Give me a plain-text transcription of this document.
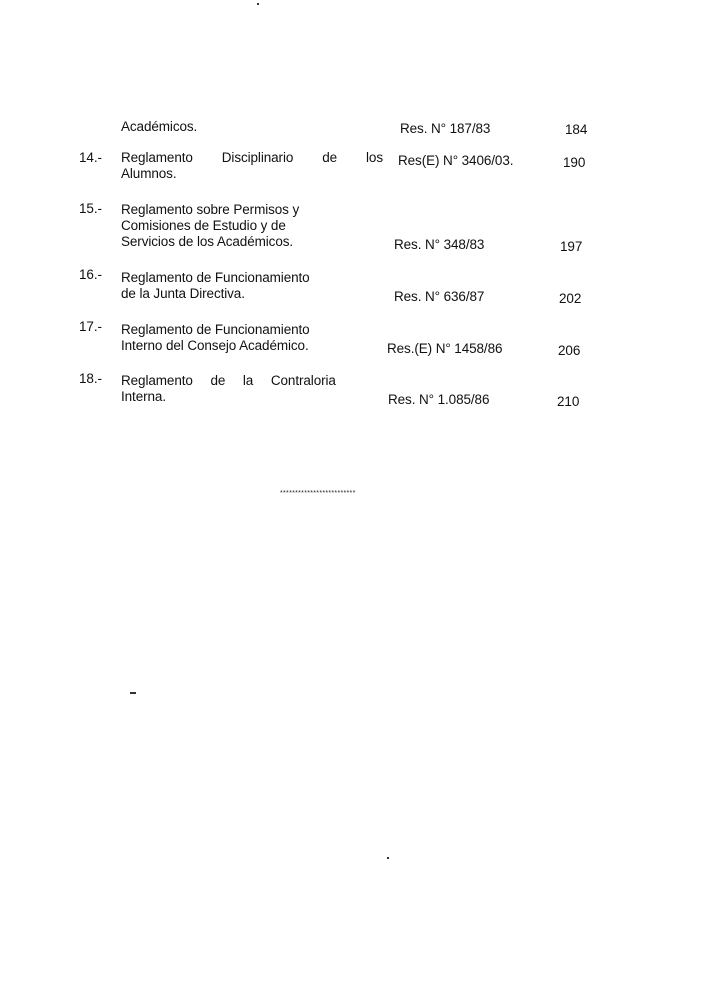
Académicos.	Res. N° 187/83	184
14.- Reglamento Disciplinario de los
Alumnos.
Res(E) N° 3406/03.	190
15.- Reglamento sobre Permisos y
Comisiones de Estudio y de
Servicios de los Académicos.	Res. N° 348/83	197
16.- Reglamento de Funcionamiento
de la Junta Directiva.	Res. N° 636/87	202
17.- Reglamento de Funcionamiento
Interno del Consejo Académico.	Res.(E) N° 1458/86	206
18.- Reglamento de la Contraloria
Interna.	Res. N° 1.085/86	210
*************************
